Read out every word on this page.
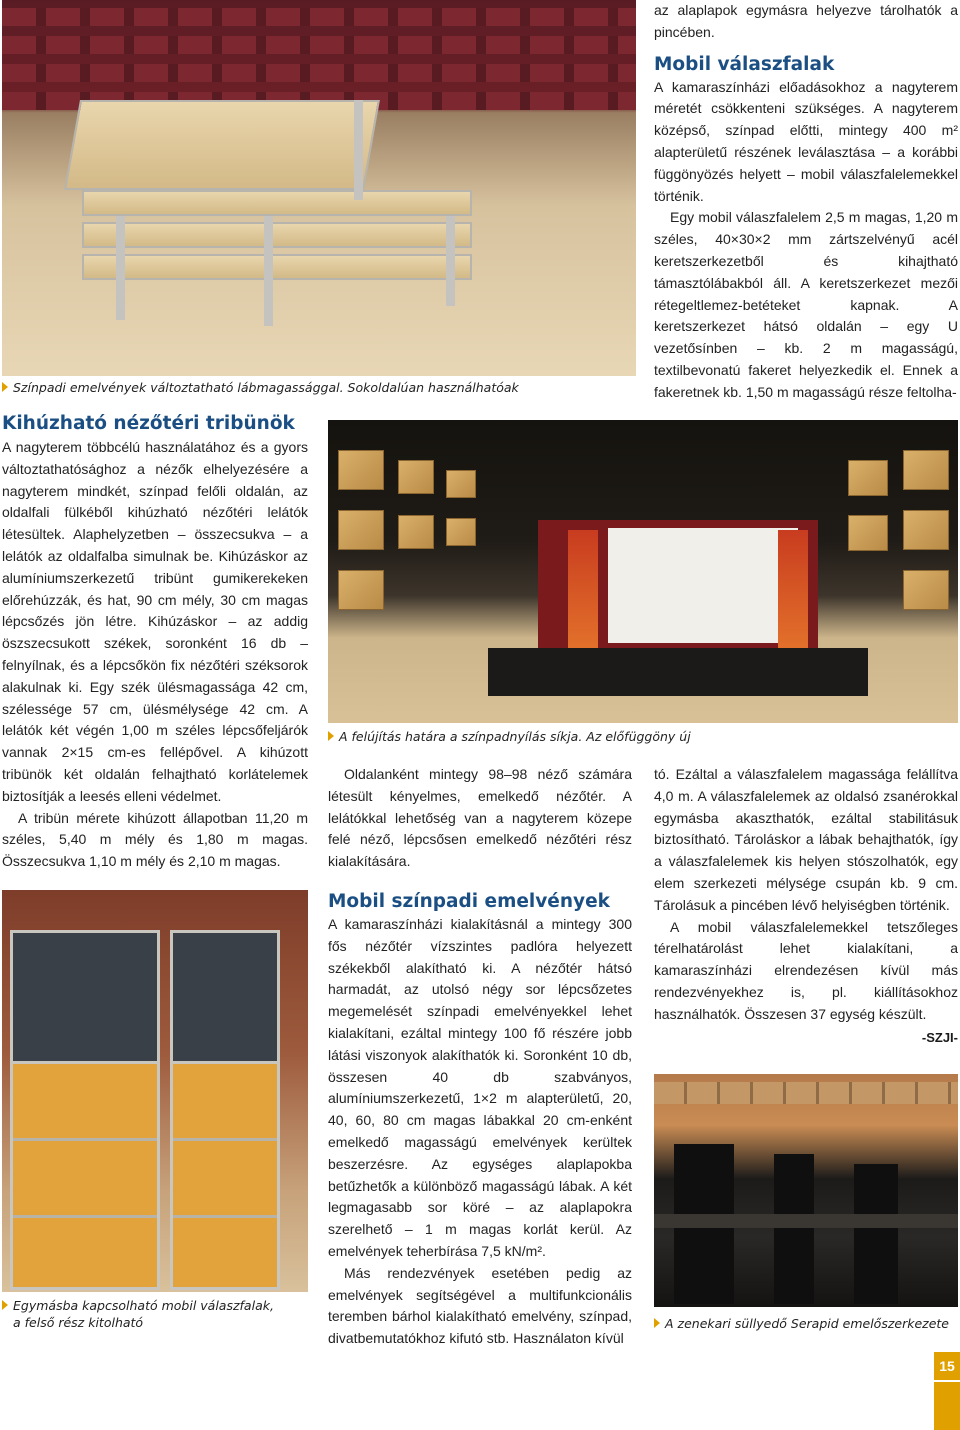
Színpadi emelvények változtatható lábmagassággal. Sokoldalúan használhatóak

az alaplapok egymásra helyezve tárolhatók a pincében.

Mobil válaszfalak

A kamaraszínházi előadásokhoz a nagyterem méretét csökkenteni szükséges. A nagyterem középső, színpad előtti, mintegy 400 m² alapterületű részének leválasztása – a korábbi függönyözés helyett – mobil válaszfalelemekkel történik.

Egy mobil válaszfalelem 2,5 m magas, 1,20 m széles, 40×30×2 mm zártszelvényű acél keretszerkezetből és kihajtható támasztólábakból áll. A keretszerkezet mezői rétegeltlemez-betéteket kapnak. A keretszerkezet hátsó oldalán – egy U vezetősínben – kb. 2 m magasságú, textilbevonatú fakeret helyezkedik el. Ennek a fakeretnek kb. 1,50 m magasságú része feltolha-

Kihúzható nézőtéri tribünök

A nagyterem többcélú használatához és a gyors változtathatósághoz a nézők elhelyezésére a nagyterem mindkét, színpad felőli oldalán, az oldalfali fülkéből kihúzható nézőtéri lelátók létesültek. Alaphelyzetben – összecsukva – a lelátók az oldalfalba simulnak be. Kihúzáskor az alumíniumszerkezetű tribünt gumikerekeken előrehúzzák, és hat, 90 cm mély, 30 cm magas lépcsőzés jön létre. Kihúzáskor – az addig öszszecsukott székek, soronként 16 db – felnyílnak, és a lépcsőkön fix nézőtéri széksorok alakulnak ki. Egy szék ülésmagassága 42 cm, szélessége 57 cm, ülésmélysége 42 cm. A lelátók két végén 1,00 m széles lépcsőfeljárók vannak 2×15 cm-es fellépővel. A kihúzott tribünök két oldalán felhajtható korlátelemek biztosítják a leesés elleni védelmet.

A tribün mérete kihúzott állapotban 11,20 m széles, 5,40 m mély és 1,80 m magas. Összecsukva 1,10 m mély és 2,10 m magas.

A felújítás határa a színpadnyílás síkja. Az előfüggöny új

Oldalanként mintegy 98–98 néző számára létesült kényelmes, emelkedő nézőtér. A lelátókkal lehetőség van a nagyterem közepe felé néző, lépcsősen emelkedő nézőtéri rész kialakítására.

Mobil színpadi emelvények

A kamaraszínházi kialakításnál a mintegy 300 fős nézőtér vízszintes padlóra helyezett székekből alakítható ki. A nézőtér hátsó harmadát, az utolsó négy sor lépcsőzetes megemelését színpadi emelvényekkel lehet kialakítani, ezáltal mintegy 100 fő részére jobb látási viszonyok alakíthatók ki. Soronként 10 db, összesen 40 db szabványos, alumíniumszerkezetű, 1×2 m alapterületű, 20, 40, 60, 80 cm magas lábakkal 20 cm-enként emelkedő magasságú emelvények kerültek beszerzésre. Az egységes alaplapokba betűzhetők a különböző magasságú lábak. A két legmagasabb sor köré – az alaplapokra szerelhető – 1 m magas korlát kerül. Az emelvények teherbírása 7,5 kN/m².

Más rendezvények esetében pedig az emelvények segítségével a multifunkcionális teremben bárhol kialakítható emelvény, színpad, divatbemutatókhoz kifutó stb. Használaton kívül

tó. Ezáltal a válaszfalelem magassága felállítva 4,0 m. A válaszfalelemek az oldalsó zsanérokkal egymásba akaszthatók, ezáltal stabilitásuk biztosítható. Tároláskor a lábak behajthatók, így a válaszfalelemek kis helyen stószolhatók, egy elem szerkezeti mélysége csupán kb. 9 cm. Tárolásuk a pincében lévő helyiségben történik.

A mobil válaszfalelemekkel tetszőleges térelhatárolást lehet kialakítani, a kamaraszínházi elrendezésen kívül más rendezvényekhez is, pl. kiállításokhoz használhatók. Összesen 37 egység készült.

-SZJI-
Egymásba kapcsolható mobil válaszfalak,
a felső rész kitolható	A zenekari süllyedő Serapid emelőszerkezete
15
